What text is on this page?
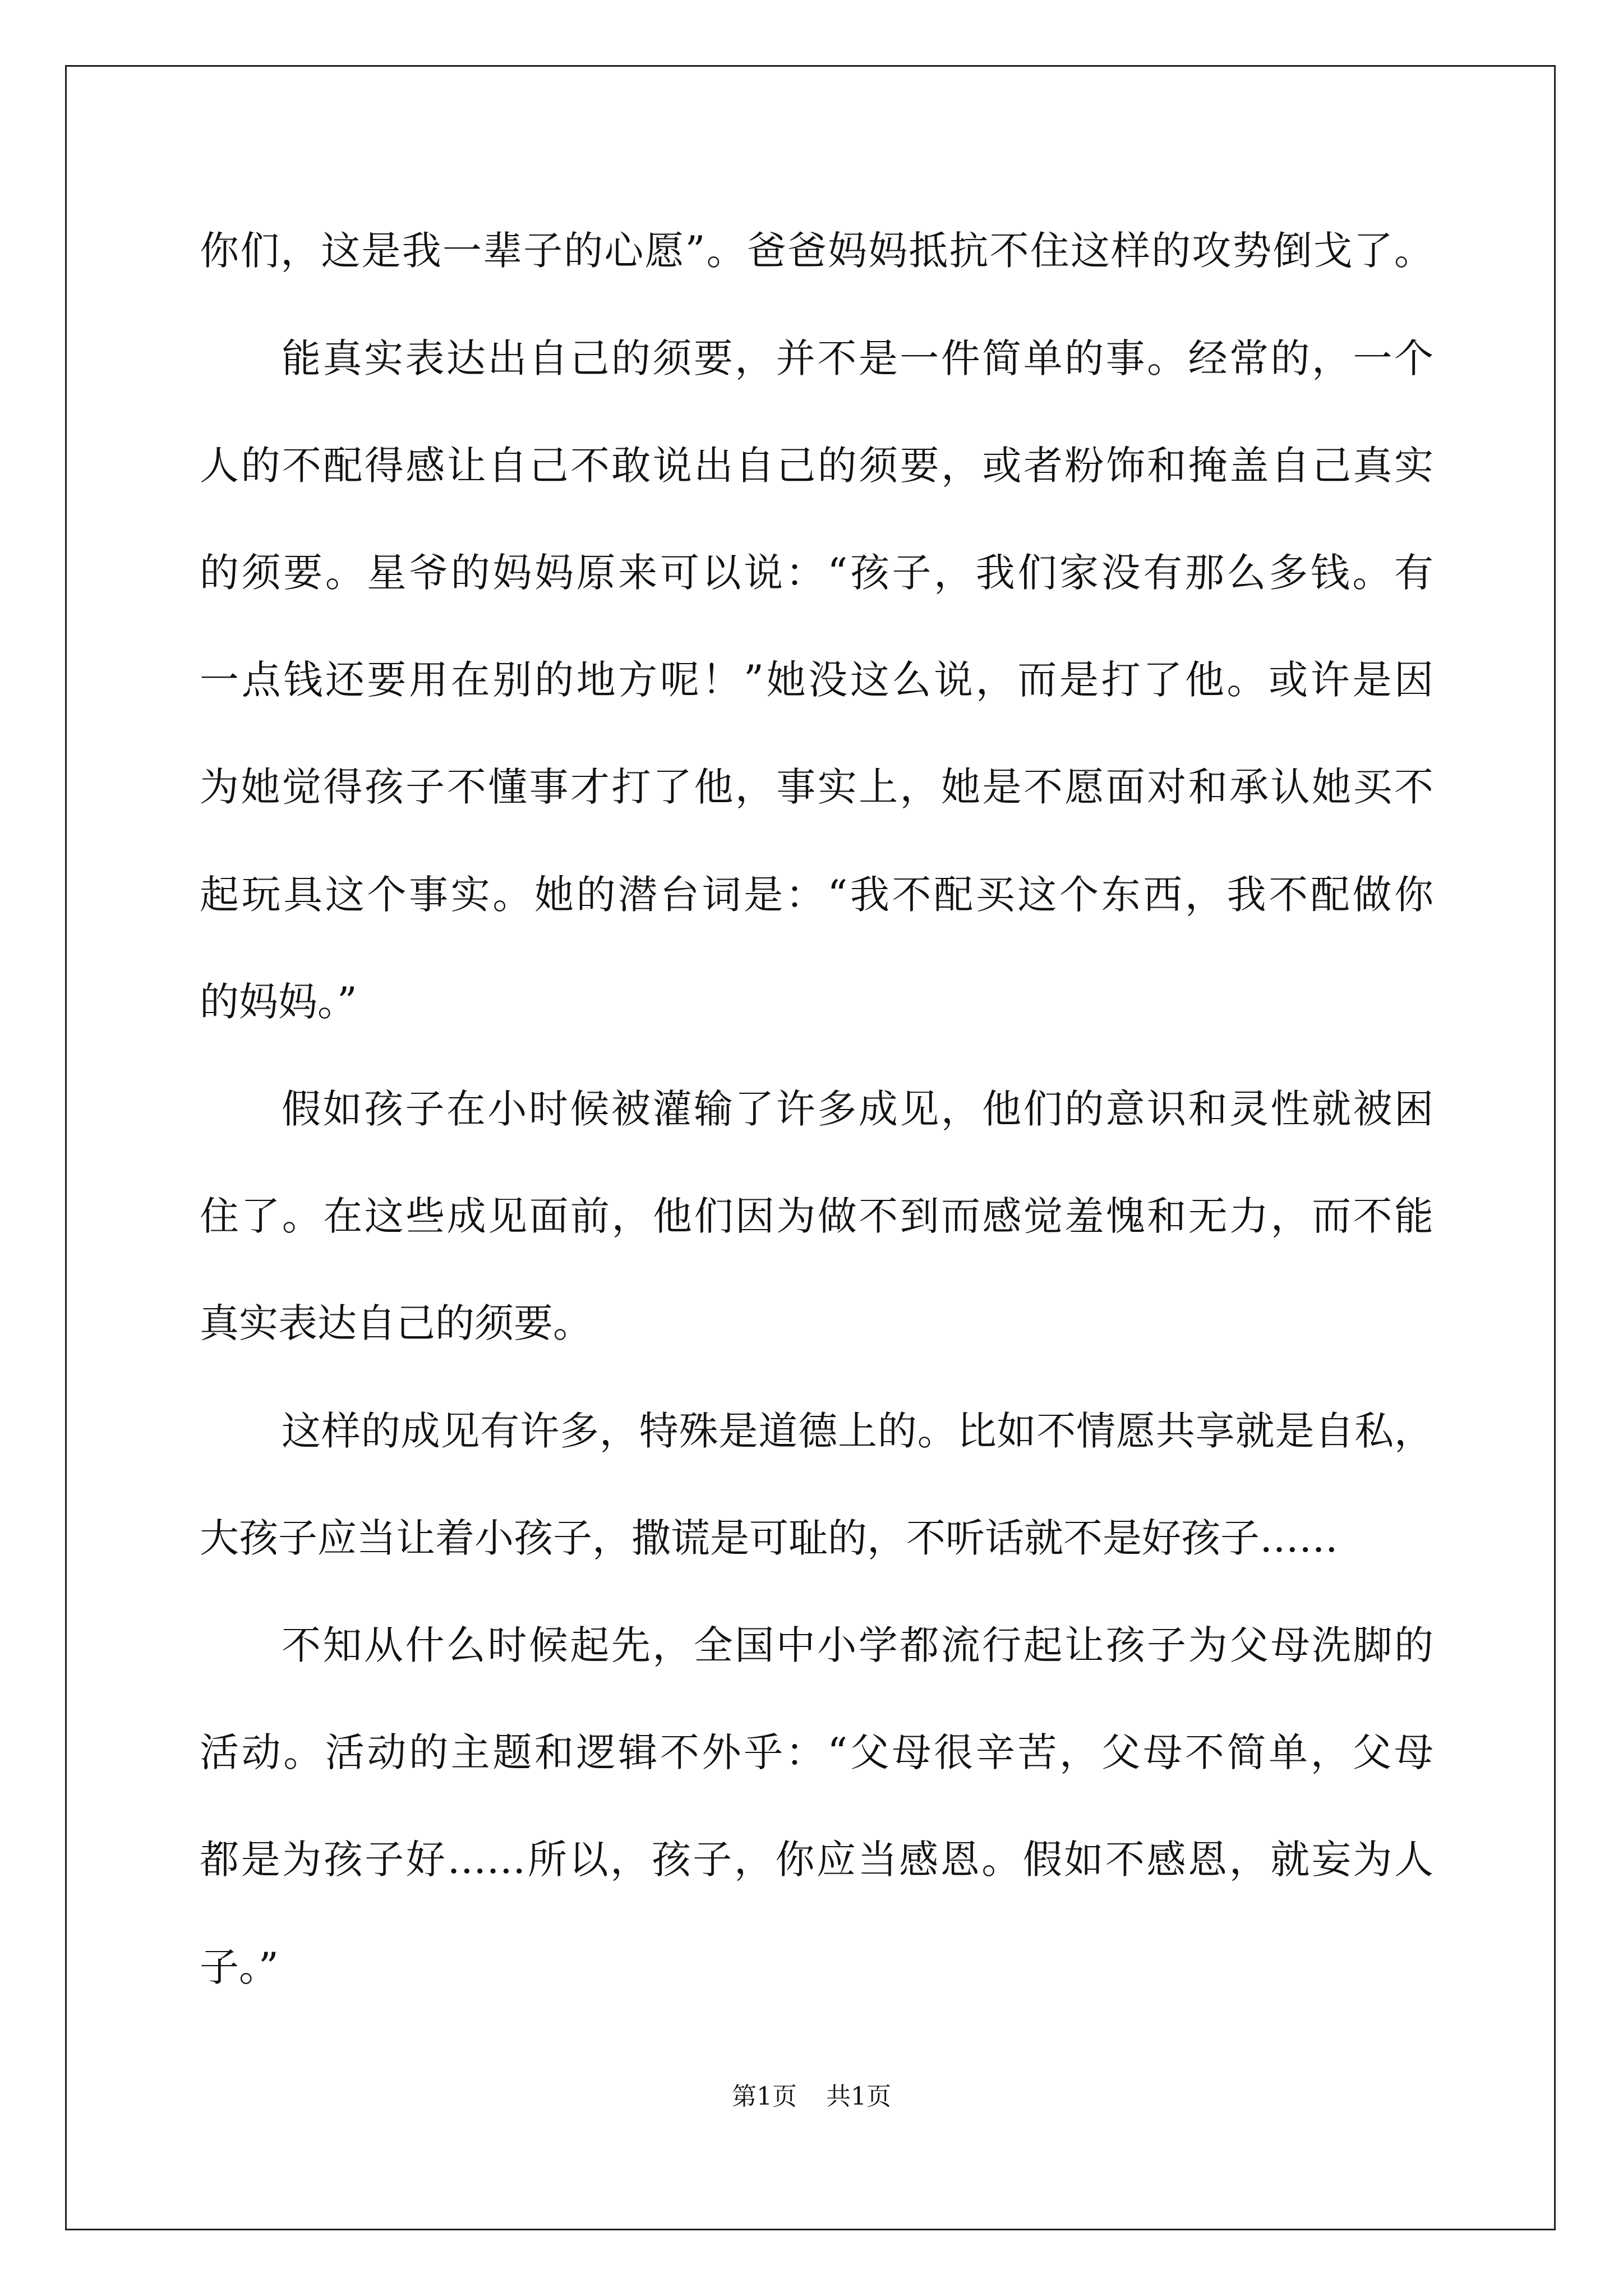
你们，这是我一辈子的心愿”。爸爸妈妈抵抗不住这样的攻势倒戈了。
能真实表达出自己的须要，并不是一件简单的事。经常的，一个
人的不配得感让自己不敢说出自己的须要，或者粉饰和掩盖自己真实
的须要。星爷的妈妈原来可以说：“孩子，我们家没有那么多钱。有
一点钱还要用在别的地方呢！”她没这么说，而是打了他。或许是因
为她觉得孩子不懂事才打了他，事实上，她是不愿面对和承认她买不
起玩具这个事实。她的潜台词是：“我不配买这个东西，我不配做你
的妈妈。”
假如孩子在小时候被灌输了许多成见，他们的意识和灵性就被困
住了。在这些成见面前，他们因为做不到而感觉羞愧和无力，而不能
真实表达自己的须要。
这样的成见有许多，特殊是道德上的。比如不情愿共享就是自私，
大孩子应当让着小孩子，撒谎是可耻的，不听话就不是好孩子……
不知从什么时候起先，全国中小学都流行起让孩子为父母洗脚的
活动。活动的主题和逻辑不外乎：“父母很辛苦，父母不简单，父母
都是为孩子好……所以，孩子，你应当感恩。假如不感恩，就妄为人
子。”
第1页 共1页
